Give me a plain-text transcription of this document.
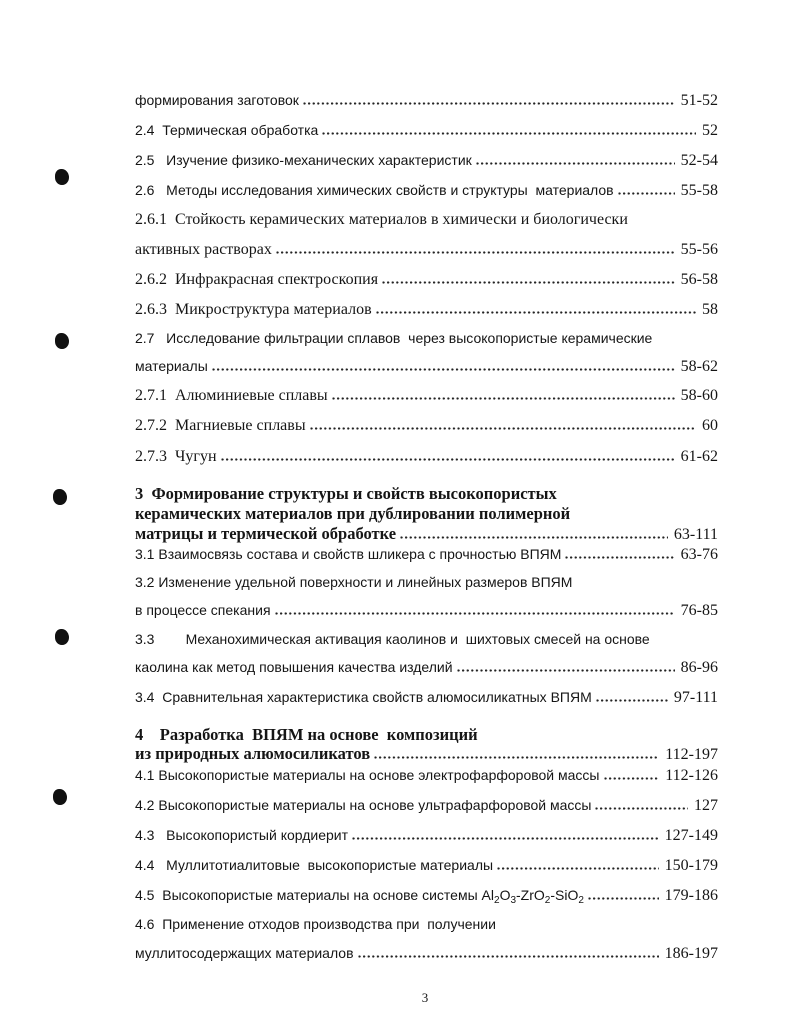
формирования заготовок	51-52
2.4  Термическая обработка	52
2.5   Изучение физико-механических характеристик	52-54
2.6   Методы исследования химических свойств и структуры  материалов	55-58
2.6.1  Стойкость керамических материалов в химически и биологически
активных растворах	55-56
2.6.2  Инфракрасная спектроскопия	56-58
2.6.3  Микроструктура материалов	58
2.7   Исследование фильтрации сплавов  через высокопористые керамические
материалы	58-62
2.7.1  Алюминиевые сплавы	58-60
2.7.2  Магниевые сплавы	60
2.7.3  Чугун	61-62
3  Формирование структуры и свойств высокопористых
керамических материалов при дублировании полимерной
матрицы и термической обработке	63-111
3.1 Взаимосвязь состава и свойств шликера с прочностью ВПЯМ	63-76
3.2 Изменение удельной поверхности и линейных размеров ВПЯМ
в процессе спекания	76-85
3.3        Механохимическая активация каолинов и  шихтовых смесей на основе
каолина как метод повышения качества изделий	86-96
3.4  Сравнительная характеристика свойств алюмосиликатных ВПЯМ	97-111
4    Разработка  ВПЯМ на основе  композиций
из природных алюмосиликатов	112-197
4.1 Высокопористые материалы на основе электрофарфоровой массы	112-126
4.2 Высокопористые материалы на основе ультрафарфоровой массы	127
4.3   Высокопористый кордиерит	127-149
4.4   Муллитотиалитовые  высокопористые материалы	150-179
4.5  Высокопористые материалы на основе системы $Al_2O_3-ZrO_2-SiO_2$	179-186
4.6  Применение отходов производства при  получении
муллитосодержащих материалов	186-197
3
